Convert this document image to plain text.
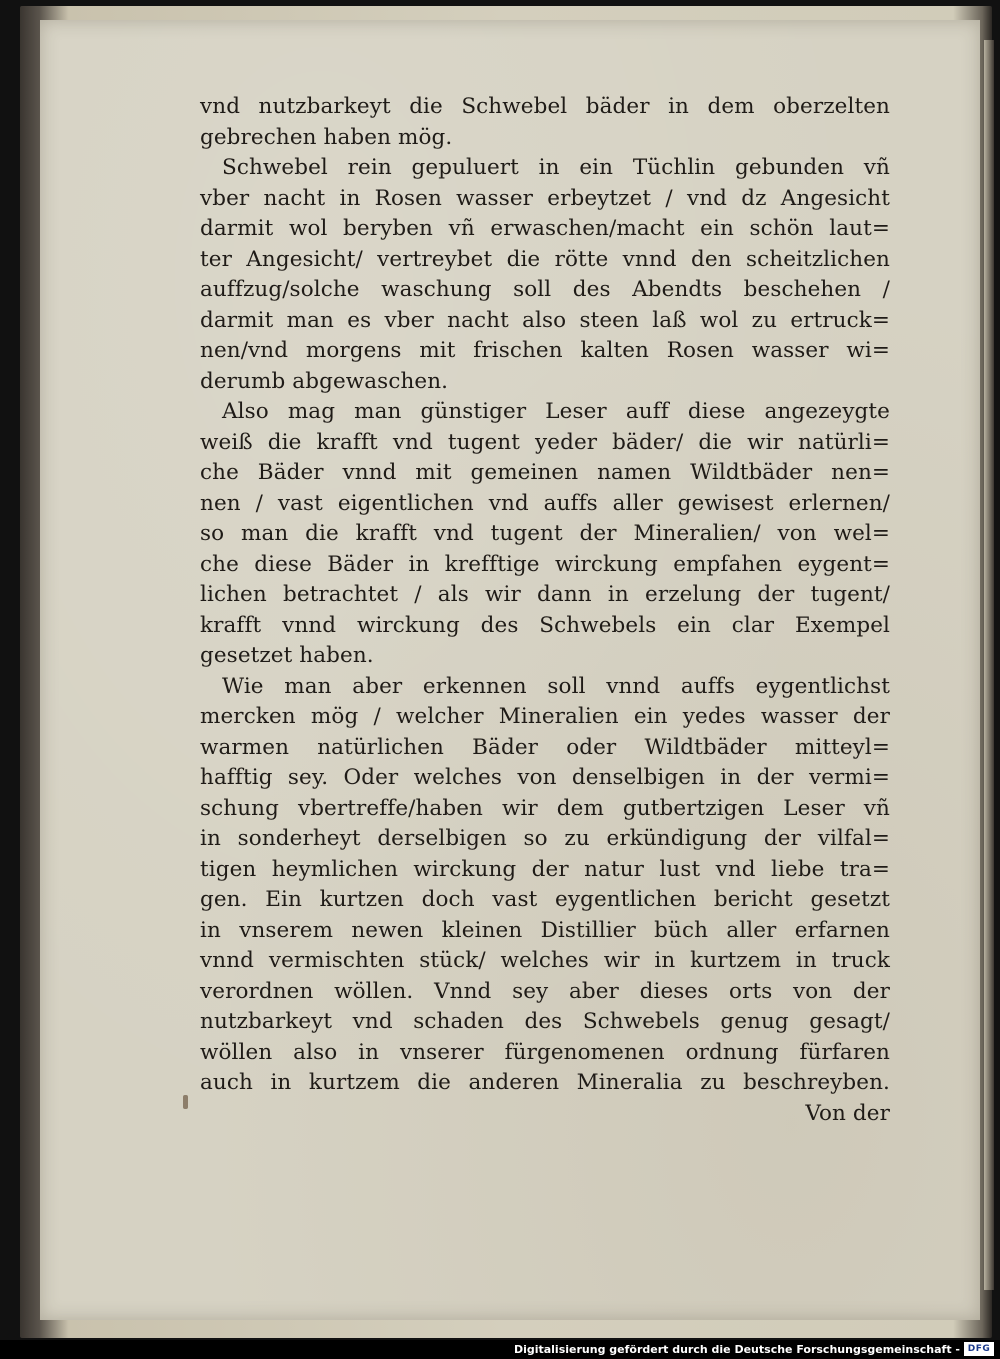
vnd nutzbarkeyt die Schwebel bäder in dem oberzelten
gebrechen haben mög.
Schwebel rein gepuluert in ein Tüchlin gebunden vñ
vber nacht in Rosen wasser erbeytzet / vnd dz Angesicht
darmit wol beryben vñ erwaschen/macht ein schön laut=
ter Angesicht/ vertreybet die rötte vnnd den scheitzlichen
auffzug/solche waschung soll des Abendts beschehen /
darmit man es vber nacht also steen laß wol zu ertruck=
nen/vnd morgens mit frischen kalten Rosen wasser wi=
derumb abgewaschen.
Also mag man günstiger Leser auff diese angezeygte
weiß die krafft vnd tugent yeder bäder/ die wir natürli=
che Bäder vnnd mit gemeinen namen Wildtbäder nen=
nen / vast eigentlichen vnd auffs aller gewisest erlernen/
so man die krafft vnd tugent der Mineralien/ von wel=
che diese Bäder in krefftige wirckung empfahen eygent=
lichen betrachtet / als wir dann in erzelung der tugent/
krafft vnnd wirckung des Schwebels ein clar Exempel
gesetzet haben.
Wie man aber erkennen soll vnnd auffs eygentlichst
mercken mög / welcher Mineralien ein yedes wasser der
warmen natürlichen Bäder oder Wildtbäder mitteyl=
hafftig sey. Oder welches von denselbigen in der vermi=
schung vbertreffe/haben wir dem gutbertzigen Leser vñ
in sonderheyt derselbigen so zu erkündigung der vilfal=
tigen heymlichen wirckung der natur lust vnd liebe tra=
gen. Ein kurtzen doch vast eygentlichen bericht gesetzt
in vnserem newen kleinen Distillier büch aller erfarnen
vnnd vermischten stück/ welches wir in kurtzem in truck
verordnen wöllen. Vnnd sey aber dieses orts von der
nutzbarkeyt vnd schaden des Schwebels genug gesagt/
wöllen also in vnserer fürgenomenen ordnung fürfaren
auch in kurtzem die anderen Mineralia zu beschreyben.
Von der
Digitalisierung gefördert durch die Deutsche Forschungsgemeinschaft - DFG
